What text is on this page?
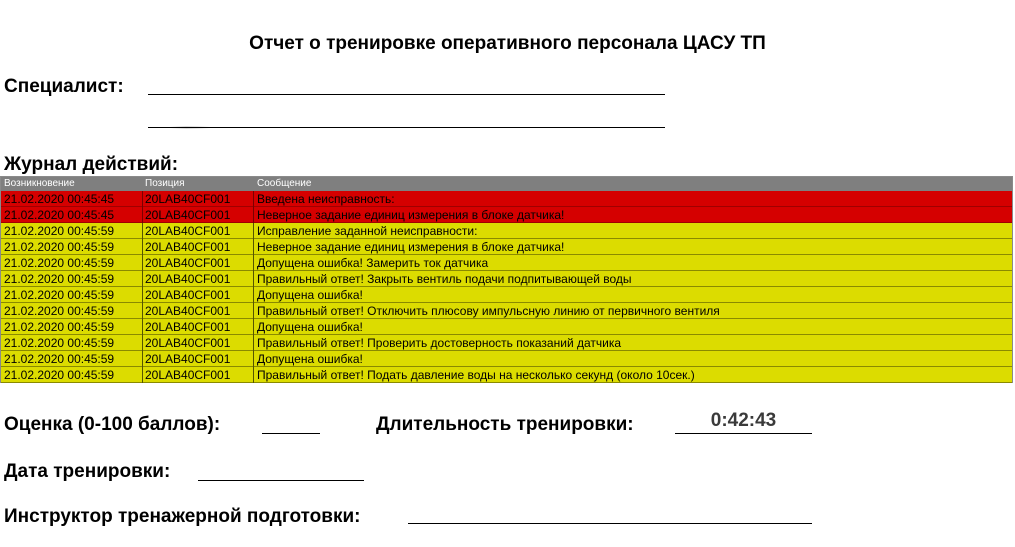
Отчет о тренировке оперативного персонала ЦАСУ ТП
Специалист:
Журнал действий:
Возникновение	Позиция	Сообщение
21.02.2020 00:45:45	20LAB40CF001	Введена неисправность:
21.02.2020 00:45:45	20LAB40CF001	Неверное задание единиц измерения в блоке датчика!
21.02.2020 00:45:59	20LAB40CF001	Исправление заданной неисправности:
21.02.2020 00:45:59	20LAB40CF001	Неверное задание единиц измерения в блоке датчика!
21.02.2020 00:45:59	20LAB40CF001	Допущена ошибка! Замерить ток датчика
21.02.2020 00:45:59	20LAB40CF001	Правильный ответ! Закрыть вентиль подачи подпитывающей воды
21.02.2020 00:45:59	20LAB40CF001	Допущена ошибка!
21.02.2020 00:45:59	20LAB40CF001	Правильный ответ! Отключить плюсову импульсную линию от первичного вентиля
21.02.2020 00:45:59	20LAB40CF001	Допущена ошибка!
21.02.2020 00:45:59	20LAB40CF001	Правильный ответ! Проверить достоверность показаний датчика
21.02.2020 00:45:59	20LAB40CF001	Допущена ошибка!
21.02.2020 00:45:59	20LAB40CF001	Правильный ответ! Подать давление воды на несколько секунд (около 10сек.)
Оценка (0-100 баллов):	Длительность тренировки:	0:42:43
Дата тренировки:
Инструктор тренажерной подготовки:
